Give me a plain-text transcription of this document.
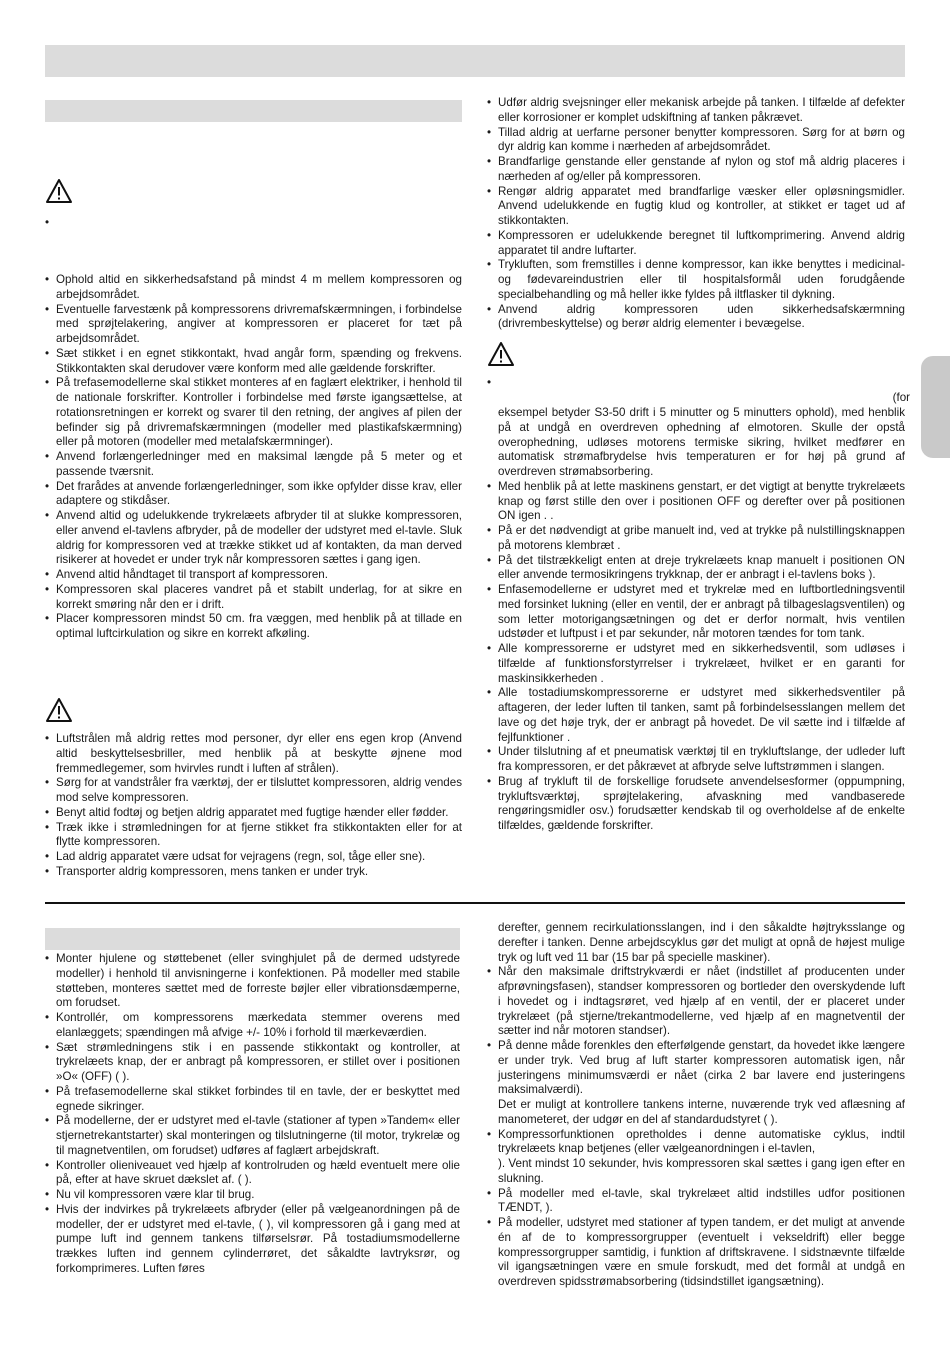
•
•
• Ophold altid en sikkerhedsafstand på mindst 4 m mellem kompressoren og arbejdsområdet.
• Eventuelle farvestænk på kompressorens drivremafskærmningen, i forbindelse med sprøjtelakering, angiver at kompressoren er placeret for tæt på arbejdsområdet.
• Sæt stikket i en egnet stikkontakt, hvad angår form, spænding og frekvens. Stikkontakten skal derudover være konform med alle gældende forskrifter.
• På trefasemodellerne skal stikket monteres af en faglært elektriker, i henhold til de nationale forskrifter. Kontroller i forbindelse med første igangsættelse, at rotationsretningen er korrekt og svarer til den retning, der angives af pilen der befinder sig på drivremafskærmningen (modeller med plastikafskærmning) eller på motoren (modeller med metalafskærmninger).
• Anvend forlængerledninger med en maksimal længde på 5 meter og et passende tværsnit.
• Det frarådes at anvende forlængerledninger, som ikke opfylder disse krav, eller adaptere og stikdåser.
• Anvend altid og udelukkende trykrelæets afbryder til at slukke kompressoren, eller anvend el-tavlens afbryder, på de modeller der udstyret med el-tavle. Sluk aldrig for kompressoren ved at trække stikket ud af kontakten, da man derved risikerer at hovedet er under tryk når kompressoren sættes i gang igen.
• Anvend altid håndtaget til transport af kompressoren.
• Kompressoren skal placeres vandret på et stabilt underlag, for at sikre en korrekt smøring når den er i drift.
• Placer kompressoren mindst 50 cm. fra væggen, med henblik på at tillade en optimal luftcirkulation og sikre en korrekt afkøling.
• Luftstrålen må aldrig rettes mod personer, dyr eller ens egen krop (Anvend altid beskyttelsesbriller, med henblik på at beskytte øjnene mod fremmedlegemer, som hvirvles rundt i luften af strålen).
• Sørg for at vandstråler fra værktøj, der er tilsluttet kompressoren, aldrig vendes mod selve kompressoren.
• Benyt altid fodtøj og betjen aldrig apparatet med fugtige hænder eller fødder.
• Træk ikke i strømledningen for at fjerne stikket fra stikkontakten eller for at flytte kompressoren.
• Lad aldrig apparatet være udsat for vejragens (regn, sol, tåge eller sne).
• Transporter aldrig kompressoren, mens tanken er under tryk.
• Udfør aldrig svejsninger eller mekanisk arbejde på tanken. I tilfælde af defekter eller korrosioner er komplet udskiftning af tanken påkrævet.
• Tillad aldrig at uerfarne personer benytter kompressoren. Sørg for at børn og dyr aldrig kan komme i nærheden af arbejdsområdet.
• Brandfarlige genstande eller genstande af nylon og stof må aldrig placeres i nærheden af og/eller på kompressoren.
• Rengør aldrig apparatet med brandfarlige væsker eller opløsningsmidler. Anvend udelukkende en fugtig klud og kontroller, at stikket er taget ud af stikkontakten.
• Kompressoren er udelukkende beregnet til luftkomprimering. Anvend aldrig apparatet til andre luftarter.
• Trykluften, som fremstilles i denne kompressor, kan ikke benyttes i medicinal- og fødevareindustrien eller til hospitalsformål uden forudgående specialbehandling og må heller ikke fyldes på iltflasker til dykning.
• Anvend aldrig kompressoren uden sikkerhedsafskærmning (drivrembeskyttelse) og berør aldrig elementer i bevægelse.
(for

eksempel betyder S3-50 drift i 5 minutter og 5 minutters ophold), med henblik på at undgå en overdreven ophedning af elmotoren. Skulle der opstå overophedning, udløses motorens termiske sikring, hvilket medfører en automatisk strømafbrydelse hvis temperaturen er for høj på grund af overdreven strømabsorbering.

• Med henblik på at lette maskinens genstart, er det vigtigt at benytte trykrelæets knap og først stille den over i positionen OFF og derefter over på positionen ON igen . .
• På er det nødvendigt at gribe manuelt ind, ved at trykke på nulstillingsknappen på motorens klembræt .
• På det tilstrækkeligt enten at dreje trykrelæets knap manuelt i positionen ON eller anvende termosikringens trykknap, der er anbragt i el-tavlens boks ).
• Enfasemodellerne er udstyret med et trykrelæ med en luftbortledningsventil med forsinket lukning (eller en ventil, der er anbragt på tilbageslagsventilen) og som letter motorigangsætningen og det er derfor normalt, hvis ventilen udstøder et luftpust i et par sekunder, når motoren tændes for tom tank.
• Alle kompressorerne er udstyret med en sikkerhedsventil, som udløses i tilfælde af funktionsforstyrrelser i trykrelæet, hvilket er en garanti for maskinsikkerheden .
• Alle tostadiumskompressorerne er udstyret med sikkerhedsventiler på aftageren, der leder luften til tanken, samt på forbindelsesslangen mellem det lave og det høje tryk, der er anbragt på hovedet. De vil sætte ind i tilfælde af fejlfunktioner .
• Under tilslutning af et pneumatisk værktøj til en trykluftslange, der udleder luft fra kompressoren, er det påkrævet at afbryde selve luftstrømmen i slangen.
• Brug af trykluft til de forskellige forudsete anvendelsesformer (oppumpning, trykluftsværktøj, sprøjtelakering, afvaskning med vandbaserede rengøringsmidler osv.) forudsætter kendskab til og overholdelse af de enkelte tilfældes, gældende forskrifter.
• Monter hjulene og støttebenet (eller svinghjulet på de dermed udstyrede modeller) i henhold til anvisningerne i konfektionen. På modeller med stabile støtteben, monteres sættet med de forreste bøjler eller vibrationsdæmperne, om forudset.
• Kontrollér, om kompressorens mærkedata stemmer overens med elanlæggets; spændingen må afvige +/- 10% i forhold til mærkeværdien.
• Sæt strømledningens stik i en passende stikkontakt og kontroller, at trykrelæets knap, der er anbragt på kompressoren, er stillet over i positionen »O« (OFF) ( ).
• På trefasemodellerne skal stikket forbindes til en tavle, der er beskyttet med egnede sikringer.
• På modellerne, der er udstyret med el-tavle (stationer af typen »Tandem« eller stjernetrekantstarter) skal monteringen og tilslutningerne (til motor, trykrelæ og til magnetventilen, om forudset) udføres af faglært arbejdskraft.
• Kontroller olieniveauet ved hjælp af kontrolruden og hæld eventuelt mere olie på, efter at have skruet dækslet af. ( ).
• Nu vil kompressoren være klar til brug.
• Hvis der indvirkes på trykrelæets afbryder (eller på vælgeanordningen på de modeller, der er udstyret med el-tavle, ( ), vil kompressoren gå i gang med at pumpe luft ind gennem tankens tilførselsrør. På tostadiumsmodellerne trækkes luften ind gennem cylinderrøret, det såkaldte lavtryksrør, og forkomprimeres. Luften føres

derefter, gennem recirkulationsslangen, ind i den såkaldte højtryksslange og derefter i tanken. Denne arbejdscyklus gør det muligt at opnå de højest mulige tryk og luft ved 11 bar (15 bar på specielle maskiner).

• Når den maksimale driftstrykværdi er nået (indstillet af producenten under afprøvningsfasen), standser kompressoren og bortleder den overskydende luft i hovedet og i indtagsrøret, ved hjælp af en ventil, der er placeret under trykrelæet (på stjerne/trekantmodellerne, ved hjælp af en magnetventil der sætter ind når motoren standser).
• På denne måde forenkles den efterfølgende genstart, da hovedet ikke længere er under tryk. Ved brug af luft starter kompressoren automatisk igen, når justeringens minimumsværdi er nået (cirka 2 bar lavere end justeringens maksimalværdi).

Det er muligt at kontrollere tankens interne, nuværende tryk ved aflæsning af manometeret, der udgør en del af standardudstyret ( ).

• Kompressorfunktionen opretholdes i denne automatiske cyklus, indtil trykrelæets knap betjenes (eller vælgeanordningen i el-tavlen,

). Vent mindst 10 sekunder, hvis kompressoren skal sættes i gang igen efter en slukning.

• På modeller med el-tavle, skal trykrelæet altid indstilles udfor positionen TÆNDT, ).
• På modeller, udstyret med stationer af typen tandem, er det muligt at anvende én af de to kompressorgrupper (eventuelt i vekseldrift) eller begge kompressorgrupper samtidig, i funktion af driftskravene. I sidstnævnte tilfælde vil igangsætningen være en smule forskudt, med det formål at undgå en overdreven spidsstrømabsorbering (tidsindstillet igangsætning).
